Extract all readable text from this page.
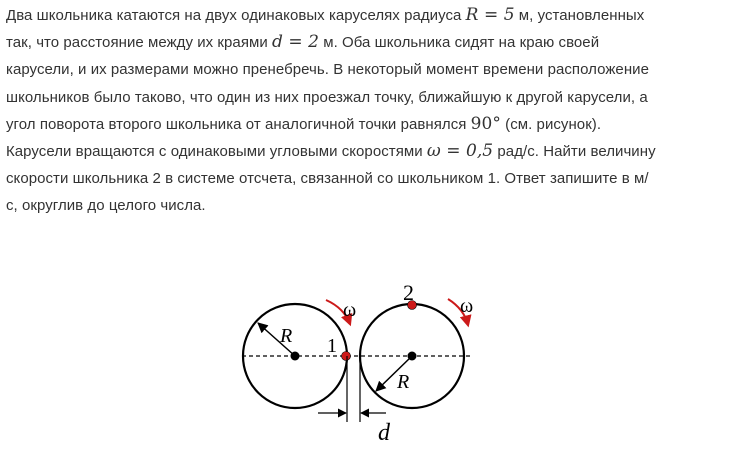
Два школьника катаются на двух одинаковых каруселях радиуса R = 5 м, установленных
так, что расстояние между их краями d = 2 м. Оба школьника сидят на краю своей
карусели, и их размерами можно пренебречь. В некоторый момент времени расположение
школьников было таково, что один из них проезжал точку, ближайшую к другой карусели, а
угол поворота второго школьника от аналогичной точки равнялся 90° (см. рисунок).
Карусели вращаются с одинаковыми угловыми скоростями ω = 0,5 рад/с. Найти величину
скорости школьника 2 в системе отсчета, связанной со школьником 1. Ответ запишите в м/
с, округлив до целого числа.
R
R
1
2
ω	ω
d
